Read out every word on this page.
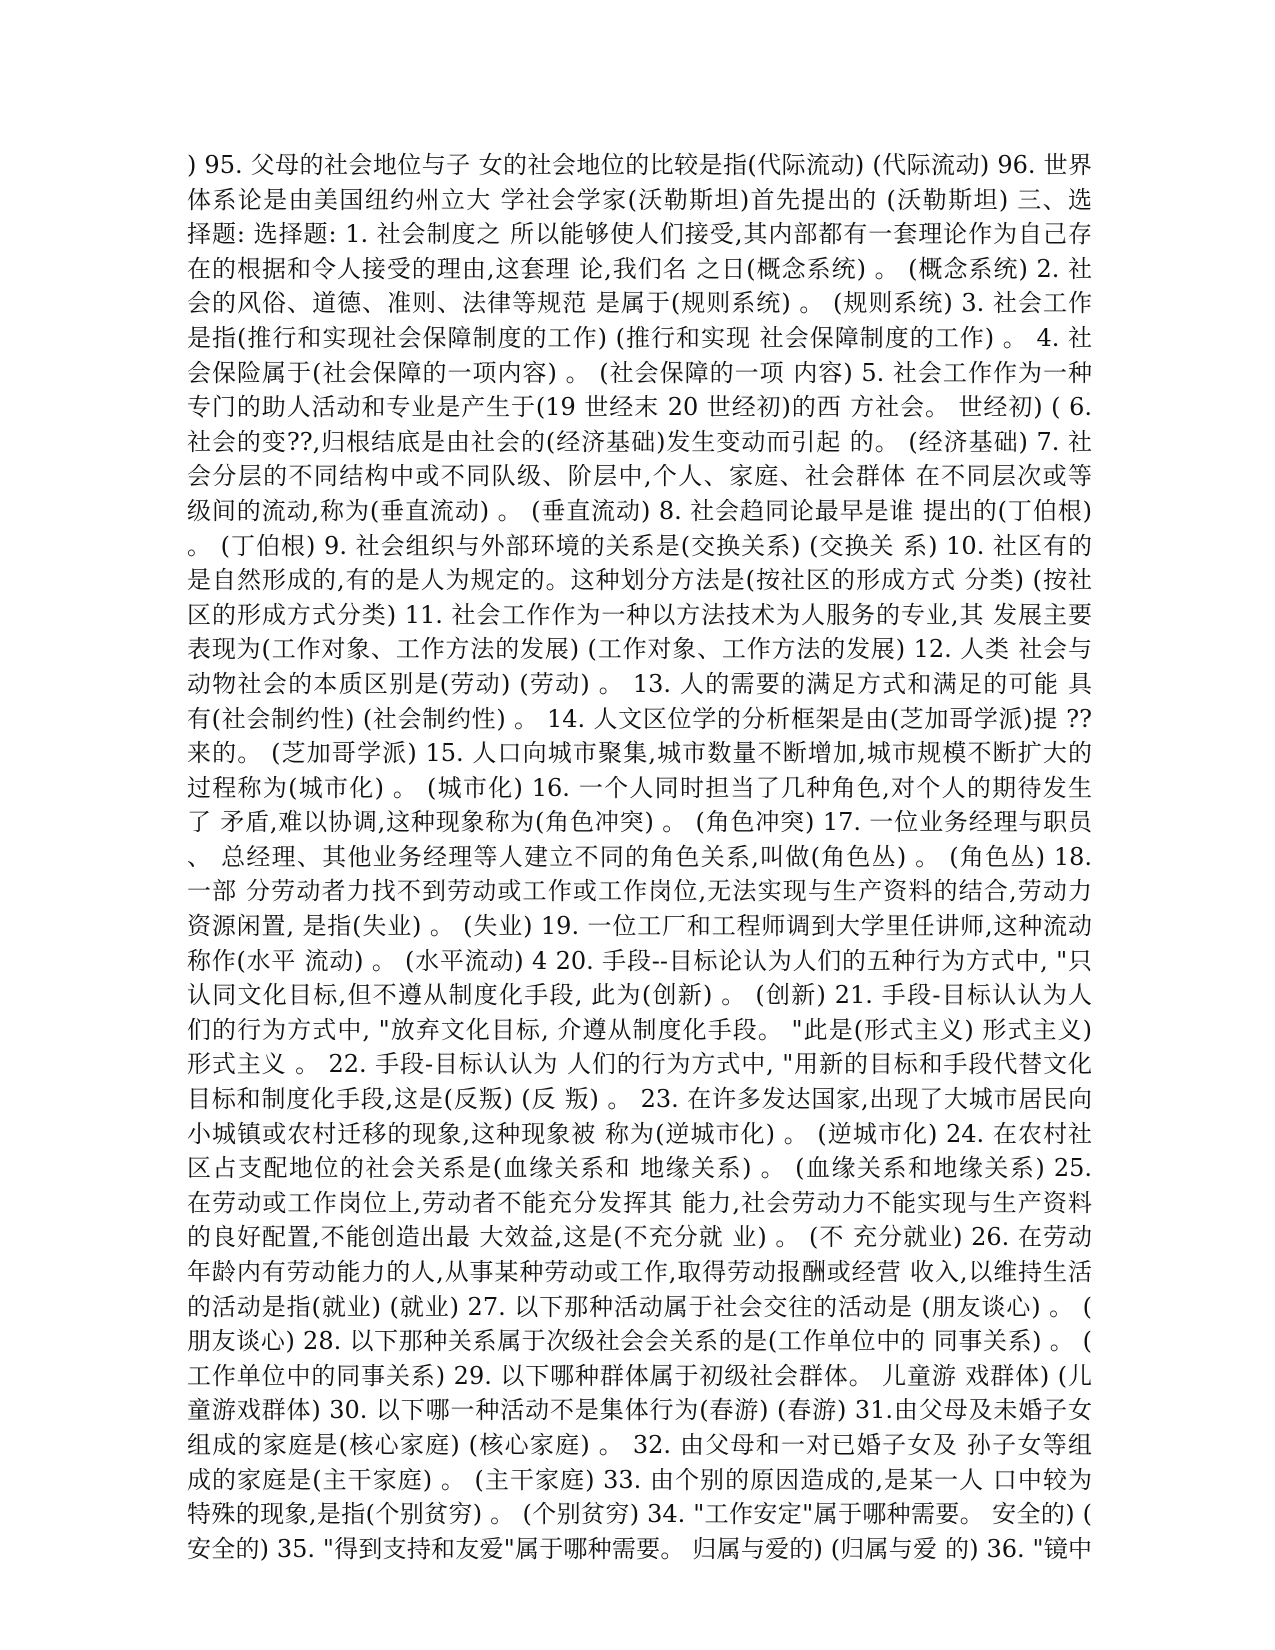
) 95. 父母的社会地位与子 女的社会地位的比较是指(代际流动) (代际流动) 96. 世界
体系论是由美国纽约州立大 学社会学家(沃勒斯坦)首先提出的 (沃勒斯坦) 三、选
择题: 选择题: 1. 社会制度之 所以能够使人们接受,其内部都有一套理论作为自己存
在的根据和令人接受的理由,这套理 论,我们名 之日(概念系统) 。 (概念系统) 2. 社
会的风俗、道德、准则、法律等规范 是属于(规则系统) 。 (规则系统) 3. 社会工作
是指(推行和实现社会保障制度的工作) (推行和实现 社会保障制度的工作) 。 4. 社
会保险属于(社会保障的一项内容) 。 (社会保障的一项 内容) 5. 社会工作作为一种
专门的助人活动和专业是产生于(19 世经末 20 世经初)的西 方社会。 世经初) ( 6.
社会的变??,归根结底是由社会的(经济基础)发生变动而引起 的。 (经济基础) 7. 社
会分层的不同结构中或不同队级、阶层中,个人、家庭、社会群体 在不同层次或等
级间的流动,称为(垂直流动) 。 (垂直流动) 8. 社会趋同论最早是谁 提出的(丁伯根)
。 (丁伯根) 9. 社会组织与外部环境的关系是(交换关系) (交换关 系) 10. 社区有的
是自然形成的,有的是人为规定的。这种划分方法是(按社区的形成方式 分类) (按社
区的形成方式分类) 11. 社会工作作为一种以方法技术为人服务的专业,其 发展主要
表现为(工作对象、工作方法的发展) (工作对象、工作方法的发展) 12. 人类 社会与
动物社会的本质区别是(劳动) (劳动) 。 13. 人的需要的满足方式和满足的可能 具
有(社会制约性) (社会制约性) 。 14. 人文区位学的分析框架是由(芝加哥学派)提 ??
来的。 (芝加哥学派) 15. 人口向城市聚集,城市数量不断增加,城市规模不断扩大的
过程称为(城市化) 。 (城市化) 16. 一个人同时担当了几种角色,对个人的期待发生
了 矛盾,难以协调,这种现象称为(角色冲突) 。 (角色冲突) 17. 一位业务经理与职员
、 总经理、其他业务经理等人建立不同的角色关系,叫做(角色丛) 。 (角色丛) 18.
一部 分劳动者力找不到劳动或工作或工作岗位,无法实现与生产资料的结合,劳动力
资源闲置, 是指(失业) 。 (失业) 19. 一位工厂和工程师调到大学里任讲师,这种流动
称作(水平 流动) 。 (水平流动) 4 20. 手段--目标论认为人们的五种行为方式中, "只
认同文化目标,但不遵从制度化手段, 此为(创新) 。 (创新) 21. 手段-目标认认为人
们的行为方式中, "放弃文化目标, 介遵从制度化手段。 "此是(形式主义) 形式主义)
形式主义 。 22. 手段-目标认认为 人们的行为方式中, "用新的目标和手段代替文化
目标和制度化手段,这是(反叛) (反 叛) 。 23. 在许多发达国家,出现了大城市居民向
小城镇或农村迁移的现象,这种现象被 称为(逆城市化) 。 (逆城市化) 24. 在农村社
区占支配地位的社会关系是(血缘关系和 地缘关系) 。 (血缘关系和地缘关系) 25.
在劳动或工作岗位上,劳动者不能充分发挥其 能力,社会劳动力不能实现与生产资料
的良好配置,不能创造出最 大效益,这是(不充分就 业) 。 (不 充分就业) 26. 在劳动
年龄内有劳动能力的人,从事某种劳动或工作,取得劳动报酬或经营 收入,以维持生活
的活动是指(就业) (就业) 27. 以下那种活动属于社会交往的活动是 (朋友谈心) 。 (
朋友谈心) 28. 以下那种关系属于次级社会会关系的是(工作单位中的 同事关系) 。 (
工作单位中的同事关系) 29. 以下哪种群体属于初级社会群体。 儿童游 戏群体) (儿
童游戏群体) 30. 以下哪一种活动不是集体行为(春游) (春游) 31.由父母及未婚子女
组成的家庭是(核心家庭) (核心家庭) 。 32. 由父母和一对已婚子女及 孙子女等组
成的家庭是(主干家庭) 。 (主干家庭) 33. 由个别的原因造成的,是某一人 口中较为
特殊的现象,是指(个别贫穷) 。 (个别贫穷) 34. "工作安定"属于哪种需要。 安全的) (
安全的) 35. "得到支持和友爱"属于哪种需要。 归属与爱的) (归属与爱 的) 36. "镜中
